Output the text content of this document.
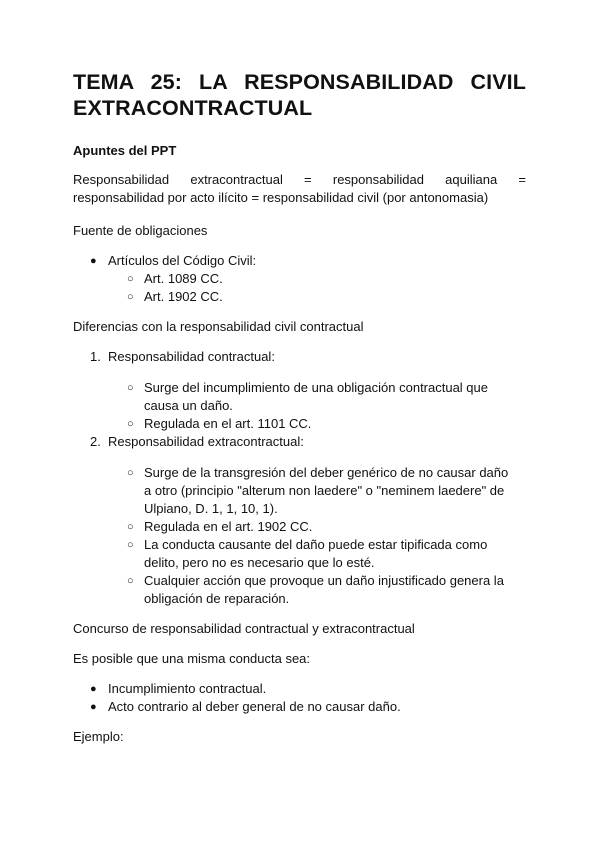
TEMA 25: LA RESPONSABILIDAD CIVIL
EXTRACONTRACTUAL
Apuntes del PPT

Responsabilidad extracontractual = responsabilidad aquiliana =
responsabilidad por acto ilícito = responsabilidad civil (por antonomasia)

Fuente de obligaciones

● Artículos del Código Civil:
○ Art. 1089 CC.
○ Art. 1902 CC.

Diferencias con la responsabilidad civil contractual

1. Responsabilidad contractual:
○ Surge del incumplimiento de una obligación contractual que causa un daño.
○ Regulada en el art. 1101 CC.
2. Responsabilidad extracontractual:
○ Surge de la transgresión del deber genérico de no causar daño a otro (principio "alterum non laedere" o "neminem laedere" de Ulpiano, D. 1, 1, 10, 1).
○ Regulada en el art. 1902 CC.
○ La conducta causante del daño puede estar tipificada como delito, pero no es necesario que lo esté.
○ Cualquier acción que provoque un daño injustificado genera la obligación de reparación.

Concurso de responsabilidad contractual y extracontractual

Es posible que una misma conducta sea:

● Incumplimiento contractual.
● Acto contrario al deber general de no causar daño.

Ejemplo:
